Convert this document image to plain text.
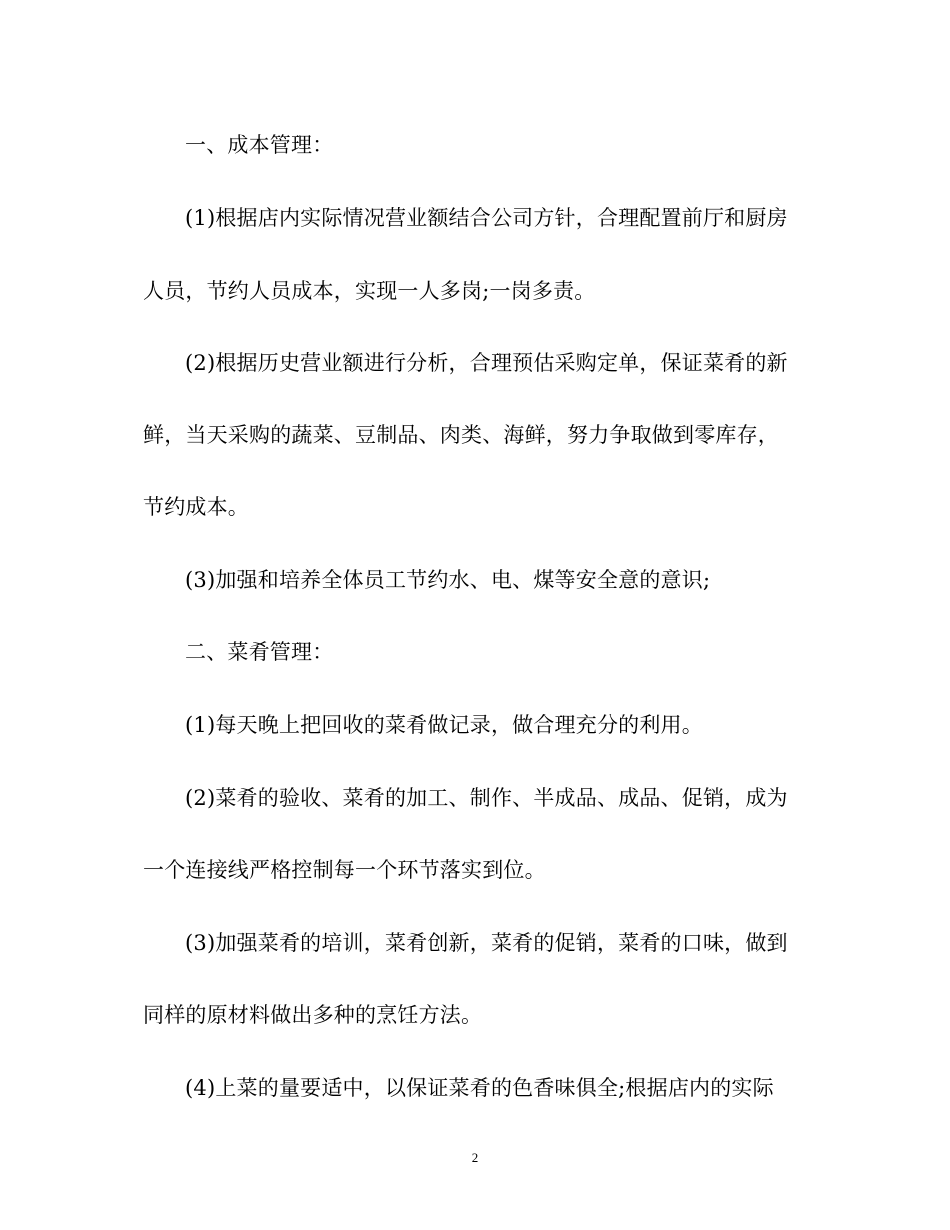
一、成本管理：
(1)根据店内实际情况营业额结合公司方针，合理配置前厅和厨房
人员，节约人员成本，实现一人多岗;一岗多责。
(2)根据历史营业额进行分析，合理预估采购定单，保证菜肴的新
鲜，当天采购的蔬菜、豆制品、肉类、海鲜，努力争取做到零库存，
节约成本。
(3)加强和培养全体员工节约水、电、煤等安全意的意识;
二、菜肴管理：
(1)每天晚上把回收的菜肴做记录，做合理充分的利用。
(2)菜肴的验收、菜肴的加工、制作、半成品、成品、促销，成为
一个连接线严格控制每一个环节落实到位。
(3)加强菜肴的培训，菜肴创新，菜肴的促销，菜肴的口味，做到
同样的原材料做出多种的烹饪方法。
(4)上菜的量要适中，以保证菜肴的色香味俱全;根据店内的实际
2
